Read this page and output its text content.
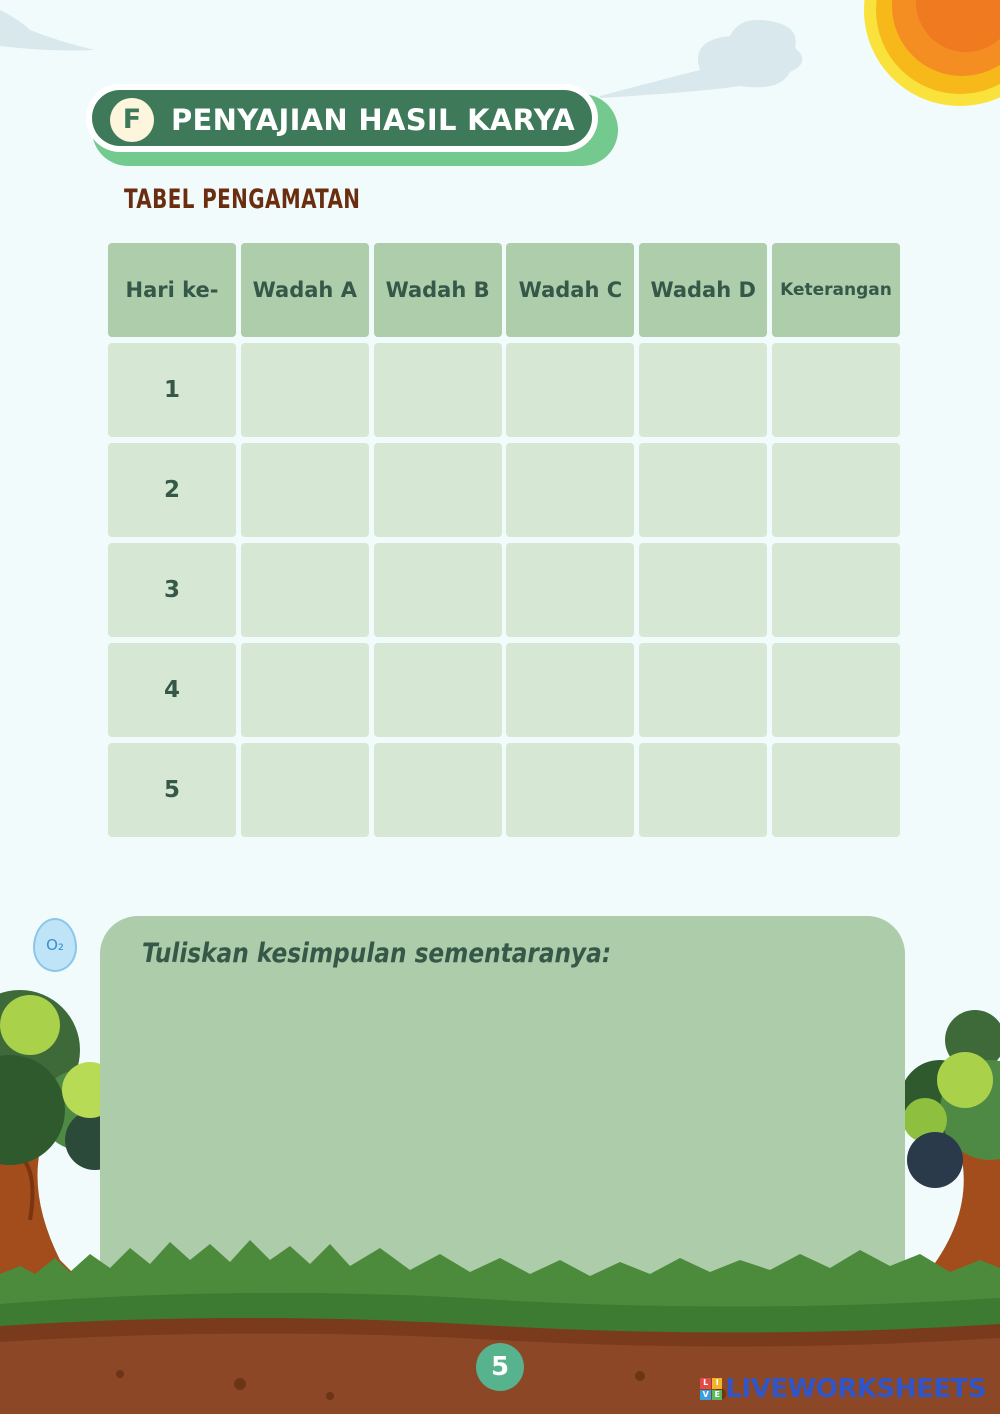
F	PENYAJIAN HASIL KARYA
TABEL PENGAMATAN
Hari ke-	Wadah A	Wadah B	Wadah C	Wadah D	Keterangan
1
2
3
4
5
O₂	Tuliskan kesimpulan sementaranya:
5
L I
V E LIVEWORKSHEETS
